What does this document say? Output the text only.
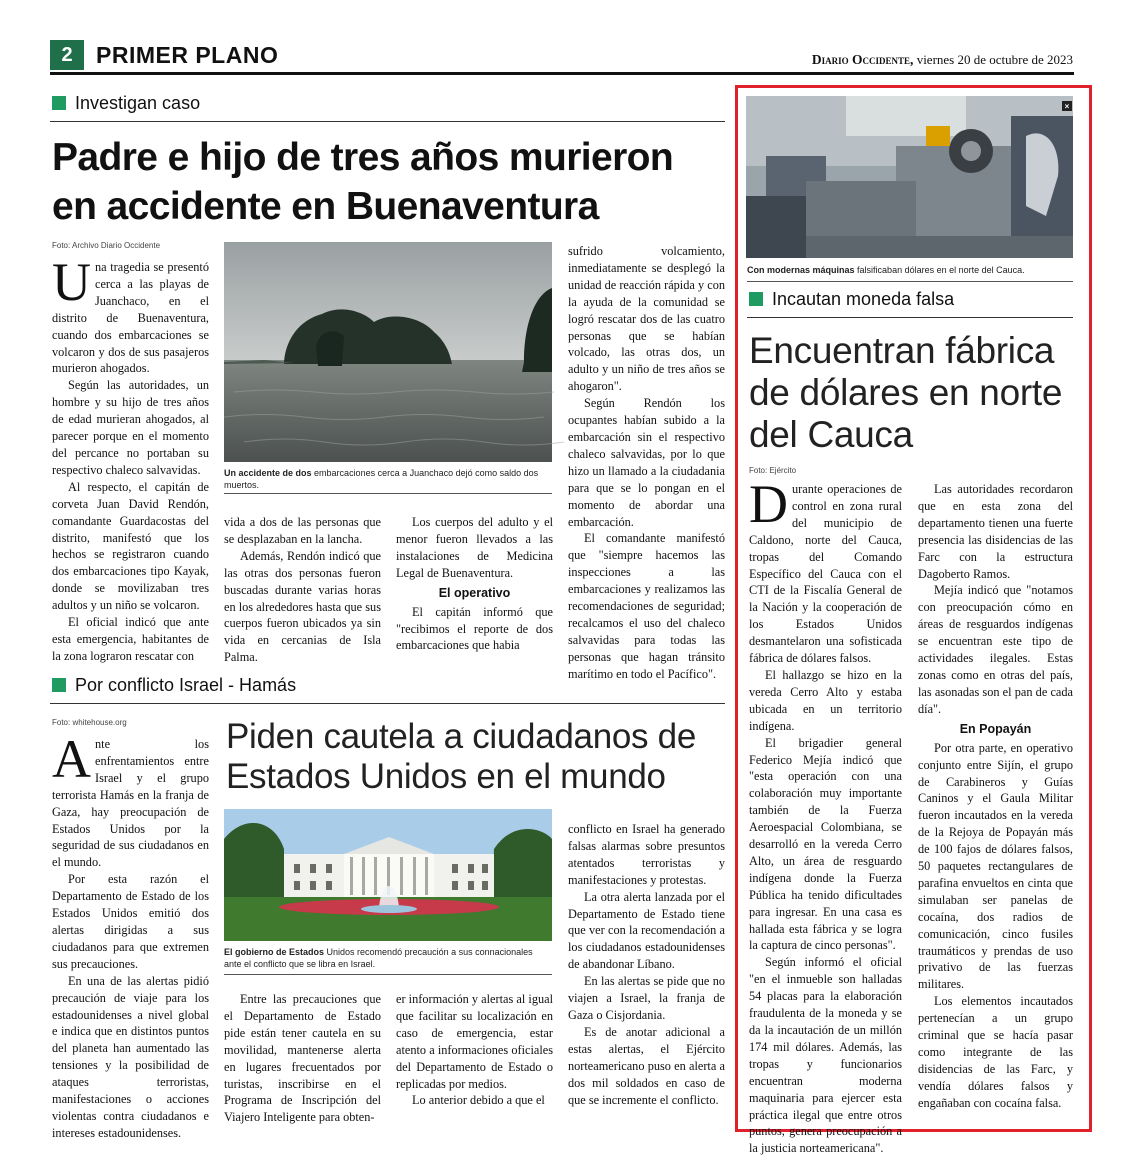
2	PRIMER PLANO	Diario Occidente, viernes 20 de octubre de 2023
Investigan caso
Padre e hijo de tres años murieron en accidente en Buenaventura
Foto: Archivo Diario Occidente
Un accidente de dos embarcaciones cerca a Juanchaco dejó como saldo dos muertos.

Una tragedia se presentó cerca a las playas de Juanchaco, en el distrito de Buenaventura, cuando dos embarcaciones se volcaron y dos de sus pasajeros murieron ahogados.

Según las autoridades, un hombre y su hijo de tres años de edad murieran ahogados, al parecer porque en el momento del percance no portaban su respectivo chaleco salvavidas.

Al respecto, el capitán de corveta Juan David Rendón, comandante Guardacostas del distrito, manifestó que los hechos se registraron cuando dos embarcaciones tipo Kayak, donde se movilizaban tres adultos y un niño se volcaron.

El oficial indicó que ante esta emergencia, habitantes de la zona lograron rescatar con

vida a dos de las personas que se desplazaban en la lancha.

Además, Rendón indicó que las otras dos personas fueron buscadas durante varias horas en los alrededores hasta que sus cuerpos fueron ubicados ya sin vida en cercanias de Isla Palma.

Los cuerpos del adulto y el menor fueron llevados a las instalaciones de Medicina Legal de Buenaventura.

El operativo

El capitán informó que "recibimos el reporte de dos embarcaciones que habia

sufrido volcamiento, inmediatamente se desplegó la unidad de reacción rápida y con la ayuda de la comunidad se logró rescatar dos de las cuatro personas que se habían volcado, las otras dos, un adulto y un niño de tres años se ahogaron".

Según Rendón los ocupantes habían subido a la embarcación sin el respectivo chaleco salvavidas, por lo que hizo un llamado a la ciudadania para que se lo pongan en el momento de abordar una embarcación.

El comandante manifestó que "siempre hacemos las inspecciones a las embarcaciones y realizamos las recomendaciones de seguridad; recalcamos el uso del chaleco salvavidas para todas las personas que hagan tránsito marítimo en todo el Pacífico".

Por conflicto Israel - Hamás
Foto: whitehouse.org	Piden cautela a ciudadanos de Estados Unidos en el mundo
El gobierno de Estados Unidos recomendó precaución a sus connacionales ante el conflicto que se libra en Israel.

Ante los enfrentamientos entre Israel y el grupo terrorista Hamás en la franja de Gaza, hay preocupación de Estados Unidos por la seguridad de sus ciudadanos en el mundo.

Por esta razón el Departamento de Estado de los Estados Unidos emitió dos alertas dirigidas a sus ciudadanos para que extremen sus precauciones.

En una de las alertas pidió precaución de viaje para los estadounidenses a nivel global e indica que en distintos puntos del planeta han aumentado las tensiones y la posibilidad de ataques terroristas, manifestaciones o acciones violentas contra ciudadanos e intereses estadounidenses.

Entre las precauciones que el Departamento de Estado pide están tener cautela en su movilidad, mantenerse alerta en lugares frecuentados por turistas, inscribirse en el Programa de Inscripción del Viajero Inteligente para obten-

er información y alertas al igual que facilitar su localización en caso de emergencia, estar atento a informaciones oficiales del Departamento de Estado o replicadas por medios.

Lo anterior debido a que el

conflicto en Israel ha generado falsas alarmas sobre presuntos atentados terroristas y manifestaciones y protestas.

La otra alerta lanzada por el Departamento de Estado tiene que ver con la recomendación a los ciudadanos estadounidenses de abandonar Líbano.

En las alertas se pide que no viajen a Israel, la franja de Gaza o Cisjordania.

Es de anotar adicional a estas alertas, el Ejército norteamericano puso en alerta a dos mil soldados en caso de que se incremente el conflicto.

×
Con modernas máquinas falsificaban dólares en el norte del Cauca.
Incautan moneda falsa
Encuentran fábrica de dólares en norte del Cauca
Foto: Ejército

Durante operaciones de control en zona rural del municipio de Caldono, norte del Cauca, tropas del Comando Específico del Cauca con el CTI de la Fiscalía General de la Nación y la cooperación de los Estados Unidos desmantelaron una sofisticada fábrica de dólares falsos.

El hallazgo se hizo en la vereda Cerro Alto y estaba ubicada en un territorio indígena.

El brigadier general Federico Mejía indicó que "esta operación con una colaboración muy importante también de la Fuerza Aeroespacial Colombiana, se desarrolló en la vereda Cerro Alto, un área de resguardo indígena donde la Fuerza Pública ha tenido dificultades para ingresar. En una casa es hallada esta fábrica y se logra la captura de cinco personas".

Según informó el oficial "en el inmueble son halladas 54 placas para la elaboración fraudulenta de la moneda y se da la incautación de un millón 174 mil dólares. Además, las tropas y funcionarios encuentran moderna maquinaria para ejercer esta práctica ilegal que entre otros puntos, genera preocupación a la justicia norteamericana".

Las autoridades recordaron que en esta zona del departamento tienen una fuerte presencia las disidencias de las Farc con la estructura Dagoberto Ramos.

Mejía indicó que "notamos con preocupación cómo en áreas de resguardos indígenas se encuentran este tipo de actividades ilegales. Estas zonas como en otras del país, las asonadas son el pan de cada día".

En Popayán

Por otra parte, en operativo conjunto entre Sijín, el grupo de Carabineros y Guías Caninos y el Gaula Militar fueron incautados en la vereda de la Rejoya de Popayán más de 100 fajos de dólares falsos, 50 paquetes rectangulares de parafina envueltos en cinta que simulaban ser panelas de cocaína, dos radios de comunicación, cinco fusiles traumáticos y prendas de uso privativo de las fuerzas militares.

Los elementos incautados pertenecían a un grupo criminal que se hacía pasar como integrante de las disidencias de las Farc, y vendía dólares falsos y engañaban con cocaína falsa.
